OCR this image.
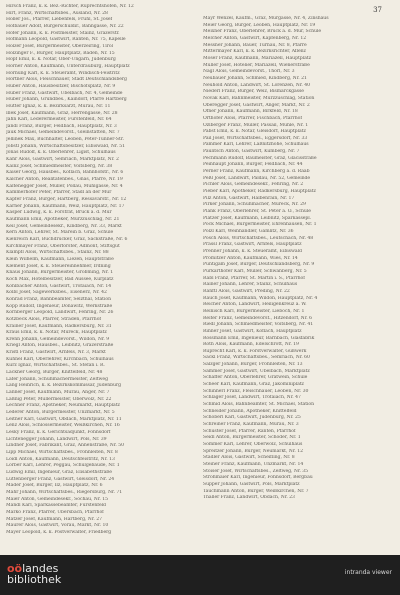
37
Hirsch Franz, k. k. Bez.-Richter, Ruprechtshofen, Nr. 12
Hirt, Franz, Wirtschaftsbes., Ausland, Nr. 28
Höller Jos., Pfarrer, Liebenfels, Frühl, St. Josef
Hofbauer Adolf, Bürgerschuldir., Bahngasse, Nr. 22
Hofer Johann, k. k. Postmeister, Stainz, Grazerstr.
Hofmann Leopold, Gastwirt, Ranten, Nr. 75, Kapelle
Holzer Josef, Bürgermeister, Oberzeiring, Tirol
Holzinger F., Bürger, Hauptplatz, Baden, Nr. 15
Hopf Emil, k. k. Notar, Ober-Ungarn, Judenburg
Horner Anton, Kaufmann, Unterdrauburg, Hauptplatz
Hornung Karl, k. k. Steueramt, Windisch-Feistritz
Hörtner Alois, Fleischhauer, Stadt Deutschlandsberg
Huber Anton, Hausbesitzer, Bischofsplatz, Nr. 9
Huber Franz, Gastwirt, Übelbach, Nr. 4, Gemeinde
Huber Johann, Grundbes., Kaindorf, Pfarre Hartberg
Hütter Ignaz, k. k. Bezirksarzt, Murau, Nr. 11
Illek Josef, Kaufmann, Graz, Herrengasse, Nr. 28
Jahn Karl, Lederermeister, Fürstenfeld, Nr. 64
Jandl Franz, Bürger, Feldbach, Hauptplatz, Nr. 3
Jauk Michael, Gemeindevorst., Gleinstätten, Nr. 7
Jellinek Max, Buchhalter, Leoben, Peter-Tunner-Str.
Jöbstl Johann, Wirtschaftsbesitzer, Eibiswald, Nr. 51
Jonas Rudolf, k. k. Oberlehrer, Ligist, Schulhaus
Kahr Alois, Gastwirt, Semriach, Marktplatz, Nr. 2
Kainz Josef, Schmiedmeister, Voitsberg, Nr. 38
Kaiser Georg, Hausbes., Köflach, Bahnhofstr., Nr. 6
Kalcher Anton, Realitätenbes., Gnas, Pfarre, Nr. 19
Kaltenegger Josef, Müller, Pöllau, Mühlgasse, Nr. 4
Kammerhofer Peter, Pfarrer, Stadl an der Mur
Kapfer Franz, Bürger, Hartberg, Ressavarstr., Nr. 12
Karner Johann, Kaufmann, Weiz, Hauptplatz, Nr. 17
Kasper Ludwig, k. k. Forstrat, Bruck a. d. Mur
Kaufmann Emil, Apotheker, Mürzzuschlag, Nr. 21
Keil Josef, Gemeindesekr., Kindberg, Nr. 33, Markt
Kern Anton, Lehrer, St. Marein b. Graz, Schule
Kienreich Karl, Buchdrucker, Graz, Sackstraße, Nr. 6
Kirchmayer Franz, Oberförster, Admont, Stiftsgut
Klampfl Alois, Wirtschaftsbes., Stainz, Nr. 88
Klein Wilhelm, Kaufmann, Liezen, Hauptstraße
Klement Josef, k. k. Steuereinnehmer, Irdning
Knaus Johann, Bürgermeister, Gröbming, Nr. 1
Koch Max, Hotelbesitzer, Bad Aussee, Kurplatz
Kohlbacher Anton, Gastwirt, Trofaiach, Nr. 14
Kölbl Josef, Sägewerksbes., Eisenerz, Nr. 42
Konrad Franz, Bahnbeamter, Selzthal, Station
Kopp Rudolf, Ingenieur, Donawitz, Werkstraße
Kornberger Leopold, Landwirt, Fehring, Nr. 26
Kotzbeck Alois, Pfarrer, Straden, Pfarrhof
Krainer Josef, Kaufmann, Radkersburg, Nr. 31
Kraus Emil, k. k. Notar, Mureck, Hauptplatz
Krenn Johann, Gemeindevorst., Wildon, Nr. 9
Kriegl Anton, Hausbes., Leibnitz, Grazerstraße
Kristl Franz, Gastwirt, Arnfels, Nr. 3, Markt
Kühnel Karl, Oberlehrer, Kirchbach, Schulhaus
Kurz Ignaz, Wirtschaftsbes., St. Stefan i. R.
Lackner Georg, Bürger, Knittelfeld, Nr. 48
Lafer Johann, Schuhmachermeister, Zeltweg
Lang Heinrich, k. k. Bezirkskommissär, Judenburg
Lanner Josef, Kaufmann, Murau, Anger, Nr. 7
Laßnig Peter, Müllermeister, Oberwölz, Nr. 22
Lechner Franz, Apotheker, Neumarkt, Hauptplatz
Lederer Anton, Bürgermeister, Unzmarkt, Nr. 5
Leitner Karl, Gastwirt, Obdach, Marktplatz, Nr. 11
Lenz Alois, Schlossermeister, Weißkirchen, Nr. 16
Lesky Franz, k. k. Gerichtsadjunkt, Fohnsdorf
Lichtenegger Johann, Landwirt, Pöls, Nr. 39
Lindner Josef, Fabrikant, Graz, Annenstraße, Nr. 50
Lipp Michael, Wirtschaftsbes., Frohnleiten, Nr. 8
Loidl Anton, Kaufmann, Deutschfeistritz, Nr. 13
Lorber Karl, Lehrer, Peggau, Schulgebäude, Nr. 1
Ludwig Emil, Ingenieur, Graz, Elisabethstraße
Luttenberger Franz, Gastwirt, Gleisdorf, Nr. 24
Mader Josef, Bürger, Ilz, Hauptplatz, Nr. 6
Mahr Johann, Wirtschaftsbes., Riegersburg, Nr. 71
Maier Anton, Gemeindesekr., Söchau, Nr. 15
Mandl Karl, Sparkassebeamter, Fürstenfeld
Marko Franz, Pfarrer, Übersbach, Pfarrhof
Matzer Josef, Kaufmann, Hartberg, Nr. 27
Maurer Alois, Gastwirt, Vorau, Markt, Nr. 10
Mayer Leopold, k. k. Postverwalter, Friedberg
Mayr Wenzel, Kaufm., Graz, Murgasse, Nr. 4, Zinshaus
Meier Georg, Bürger, Leoben, Hauptplatz, Nr. 19
Meixner Franz, Oberlehrer, Bruck a. d. Mur, Schule
Melcher Anton, Gastwirt, Kapfenberg, Nr. 12
Messner Johann, Bauer, Turnau, Nr. 8, Pfarre
Mittermayer Karl, k. k. Bezirksrichter, Aflenz
Moser Franz, Kaufmann, Mariazell, Hauptplatz
Müller Josef, Hotelier, Mariazell, Wienerstraße
Nagl Alois, Gemeindevorst., Thörl, Nr. 3
Neubauer Johann, Schmied, Kindberg, Nr. 21
Neuhold Anton, Landwirt, St. Lorenzen, Nr. 40
Niederl Franz, Bürger, Weiz, Bismarckgasse
Novak Karl, Bahnmeister, Mürzzuschlag, Station
Oberegger Josef, Gastwirt, Anger, Markt, Nr. 2
Ofner Johann, Kaufmann, Birkfeld, Nr. 18
Orthofer Alois, Pfarrer, Fischbach, Pfarrhof
Ozlberger Franz, Müller, Passail, Mühle, Nr. 1
Pabst Emil, k. k. Notar, Gleisdorf, Hauptplatz
Pail Josef, Wirtschaftsbes., Eggersdorf, Nr. 33
Pammer Karl, Lehrer, Laßnitzhöhe, Schulhaus
Paulitsch Anton, Gastwirt, Kumberg, Nr. 7
Pechmann Rudolf, Baumeister, Graz, Glacisstraße
Peinhaupt Johann, Bürger, Feldbach, Nr. 44
Perner Franz, Kaufmann, Kirchberg a. d. Raab
Peßl Josef, Landwirt, Paldau, Nr. 52, Gemeinde
Pichler Alois, Gemeindesekr., Fehring, Nr. 2
Pieber Karl, Apotheker, Radkersburg, Hauptplatz
Pilz Anton, Gastwirt, Halbenrain, Nr. 17
Pirker Johann, Schuhmacher, Mureck, Nr. 29
Plank Franz, Oberlehrer, St. Peter a. O., Schule
Platzer Josef, Kaufmann, Leibnitz, Sparkassepl.
Pock Michael, Bürgermeister, Ehrenhausen, Nr. 1
Pölzl Karl, Weinhändler, Gamlitz, Nr. 36
Posch Alois, Wirtschaftsbes., Leutschach, Nr. 48
Prassl Franz, Gastwirt, Arnfels, Hauptplatz
Prenner Johann, k. k. Steueramt, Eibiswald
Promitzer Anton, Kaufmann, Wies, Nr. 14
Puntigam Josef, Bürger, Deutschlandsberg, Nr. 9
Purkarthofer Karl, Müller, Schwanberg, Nr. 5
Rabl Franz, Pfarrer, St. Martin i. S., Pfarrhof
Rainer Johann, Lehrer, Stainz, Schulhaus
Ranftl Alois, Gastwirt, Preding, Nr. 22
Rauch Josef, Kaufmann, Wildon, Hauptplatz, Nr. 4
Reicher Anton, Landwirt, Heiligenkreuz a. W.
Reinisch Karl, Bürgermeister, Lieboch, Nr. 1
Reiter Franz, Gemeindevorst., Hitzendorf, Nr. 6
Riedl Johann, Schmiedmeister, Voitsberg, Nr. 41
Rinner Josef, Gastwirt, Köflach, Hauptplatz
Rossmann Emil, Ingenieur, Bärnbach, Glasfabrik
Roth Alois, Kaufmann, Edelschrott, Nr. 19
Ruprecht Karl, k. k. Forstverwalter, Gußwerk
Sackl Franz, Wirtschaftsbes., Semriach, Nr. 60
Salzger Johann, Bürger, Frohnleiten, Nr. 13
Sammer Josef, Gastwirt, Übelbach, Marktplatz
Schaffer Anton, Oberlehrer, Gratwein, Schule
Scheer Karl, Kaufmann, Graz, Jakominiplatz
Schinnerl Franz, Fleischhauer, Leoben, Nr. 30
Schlager Josef, Landwirt, Trofaiach, Nr. 47
Schmid Alois, Bahnbeamter, St. Michael, Station
Schneider Johann, Apotheker, Knittelfeld
Schöberl Karl, Gastwirt, Judenburg, Nr. 25
Schreiner Franz, Kaufmann, Murau, Nr. 3
Schuster Josef, Pfarrer, Ranten, Pfarrhof
Seidl Anton, Bürgermeister, Schöder, Nr. 1
Sommer Karl, Lehrer, Oberwölz, Schulhaus
Spreitzer Johann, Bürger, Neumarkt, Nr. 12
Stadler Alois, Gastwirt, Scheifling, Nr. 8
Steiner Franz, Kaufmann, Unzmarkt, Nr. 14
Stoiser Josef, Wirtschaftsbes., Zeltweg, Nr. 35
Strohmaier Karl, Ingenieur, Fohnsdorf, Bergbau
Supper Johann, Gastwirt, Pöls, Marktplatz
Tauchmann Anton, Bürger, Weißkirchen, Nr. 7
Thaller Franz, Landwirt, Obdach, Nr. 23
oölandes
bibliothek
intranda viewer
